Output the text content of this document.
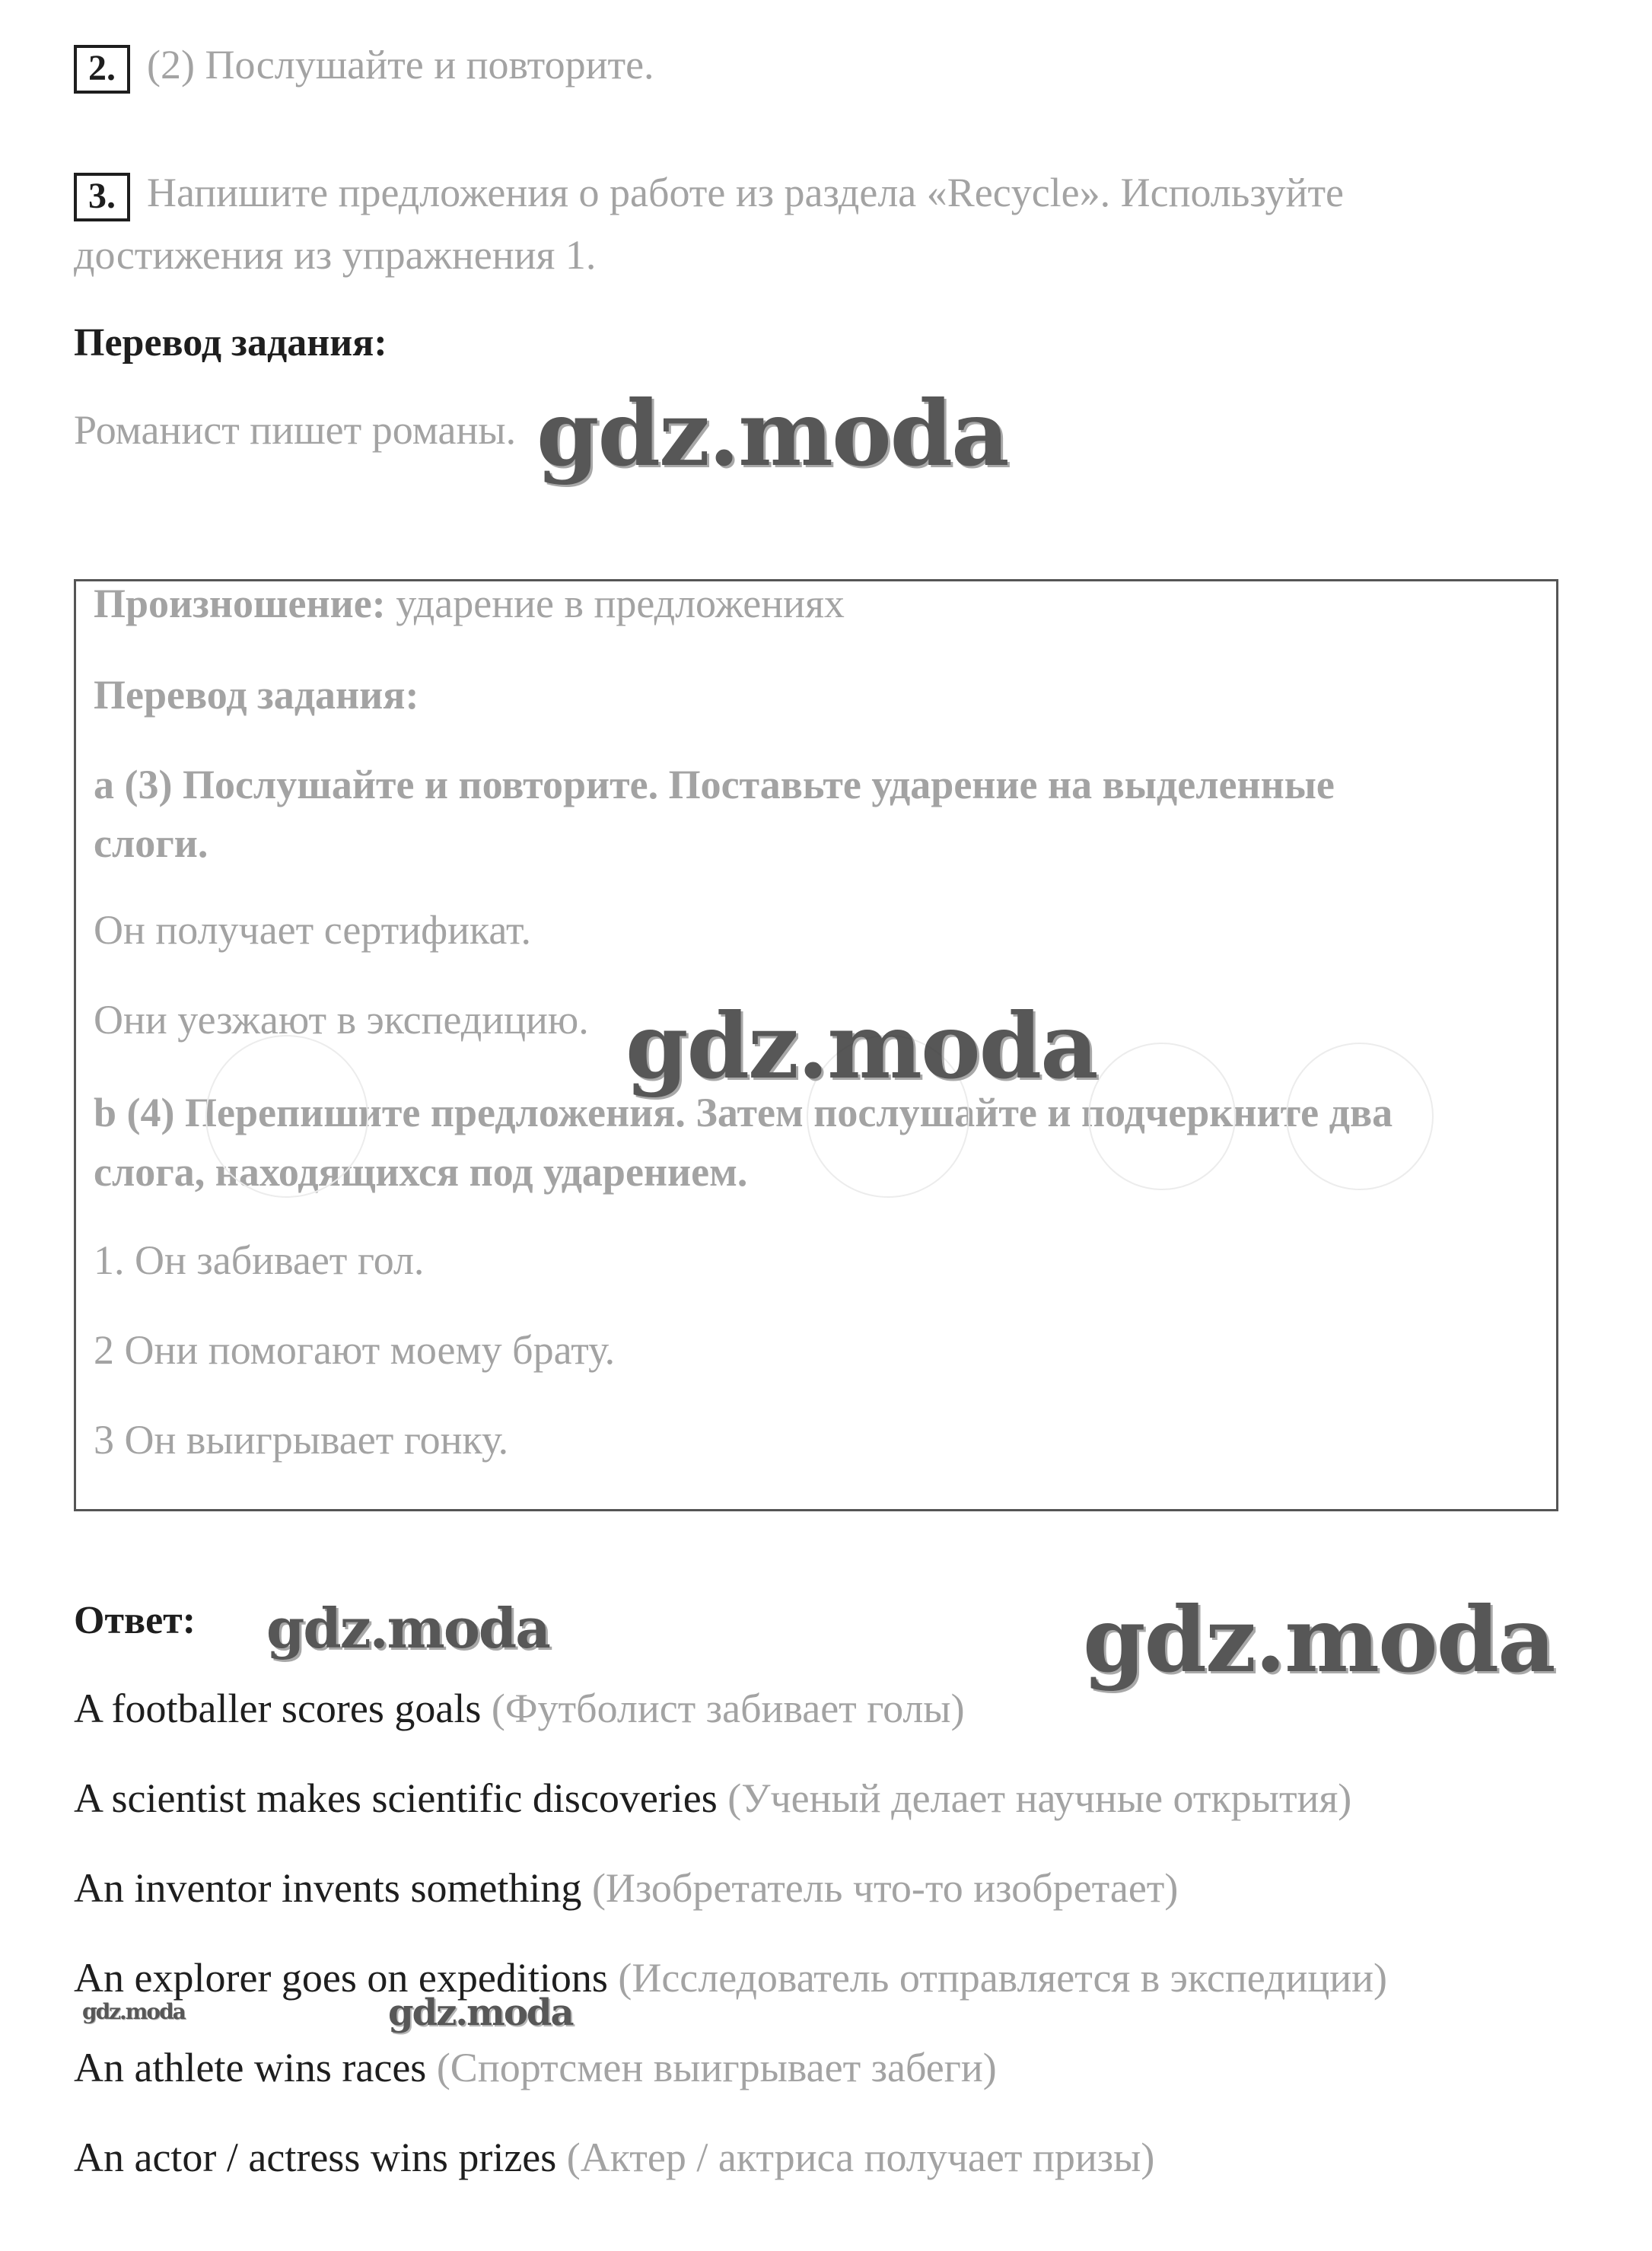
2. (2) Послушайте и повторите.
3. Напишите предложения о работе из раздела «Recycle». Используйте
достижения из упражнения 1.
Перевод задания:
Романист пишет романы.
Произношение: ударение в предложениях
Перевод задания:
a (3) Послушайте и повторите. Поставьте ударение на выделенные
слоги.
Он получает сертификат.
Они уезжают в экспедицию.
b (4) Перепишите предложения. Затем послушайте и подчеркните два
слога, находящихся под ударением.
1. Он забивает гол.
2 Они помогают моему брату.
3 Он выигрывает гонку.
Ответ:
A footballer scores goals (Футболист забивает голы)
A scientist makes scientific discoveries (Ученый делает научные открытия)
An inventor invents something (Изобретатель что-то изобретает)
An explorer goes on expeditions (Исследователь отправляется в экспедиции)
An athlete wins races (Спортсмен выигрывает забеги)
An actor / actress wins prizes (Актер / актриса получает призы)
gdz.moda
gdz.moda
gdz.moda	gdz.moda
gdz.moda	gdz.moda
